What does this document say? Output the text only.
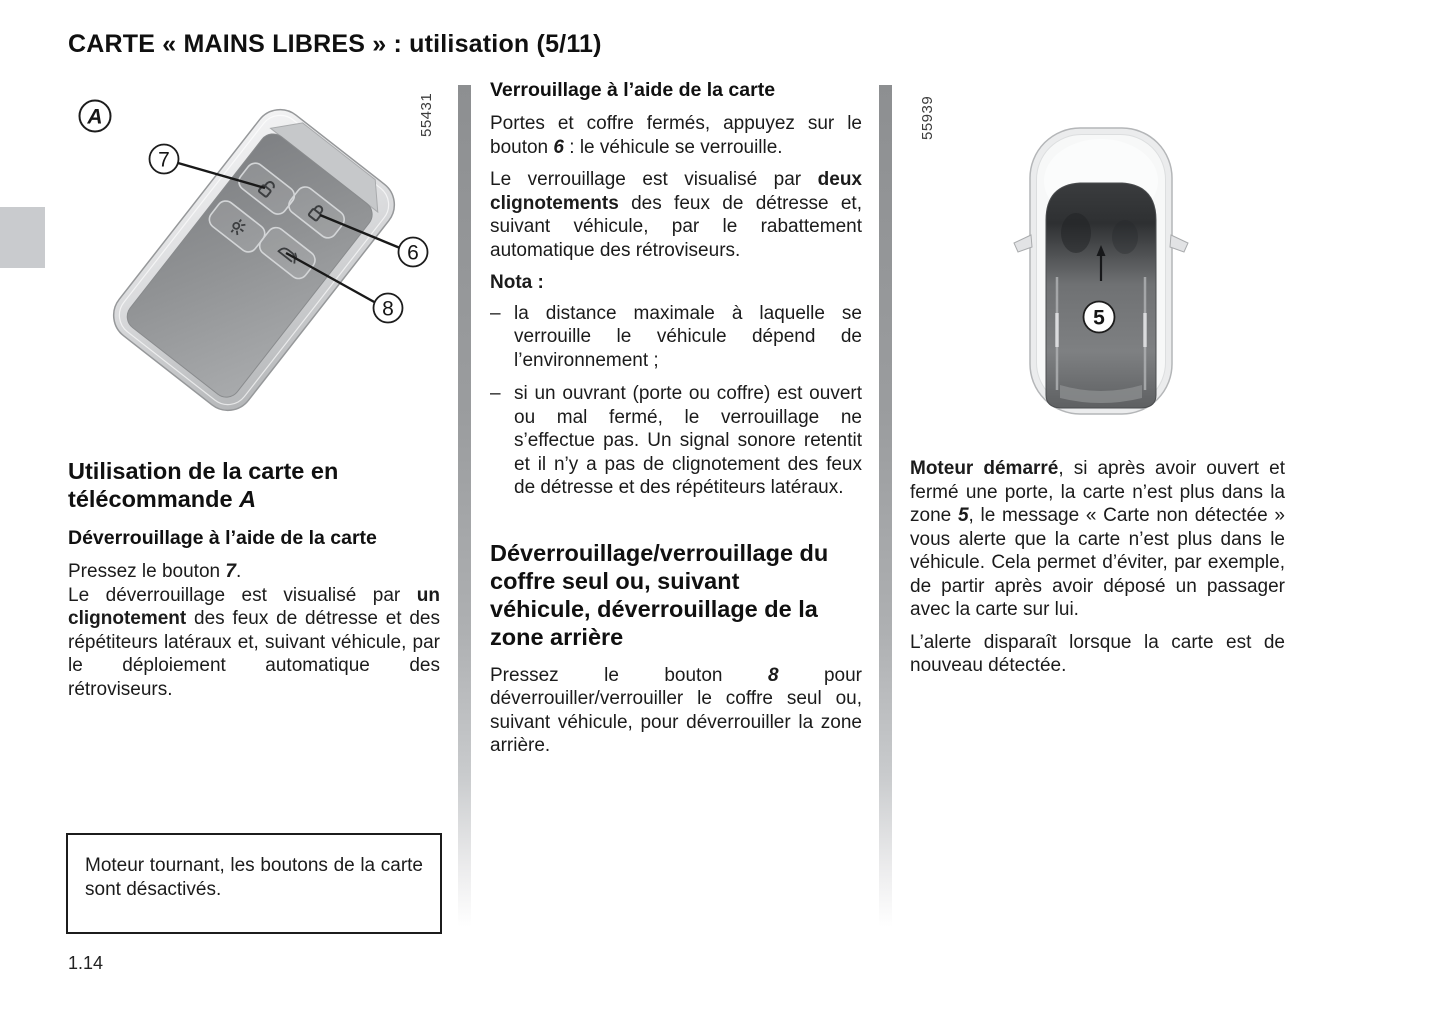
CARTE « MAINS LIBRES » : utilisation (5/11)
A
7
6
8
55431
Utilisation de la carte en télécommande A
Déverrouillage à l’aide de la carte

Pressez le bouton 7.

Le déverrouillage est visualisé par un clignotement des feux de détresse et des répétiteurs latéraux et, suivant véhicule, par le déploiement automatique des rétroviseurs.

Moteur tournant, les boutons de la carte sont désactivés.

Verrouillage à l’aide de la carte

Portes et coffre fermés, appuyez sur le bouton 6 : le véhicule se verrouille.

Le verrouillage est visualisé par deux clignotements des feux de détresse et, suivant véhicule, par le rabattement automatique des rétroviseurs.

Nota :

– la distance maximale à laquelle se verrouille le véhicule dépend de l’environnement ;
– si un ouvrant (porte ou coffre) est ouvert ou mal fermé, le verrouillage ne s’effectue pas. Un signal sonore retentit et il n’y a pas de clignotement des feux de détresse et des répétiteurs latéraux.
Déverrouillage/verrouillage du coffre seul ou, suivant véhicule, déverrouillage de la zone arrière

Pressez le bouton 8 pour déverrouiller/verrouiller le coffre seul ou, suivant véhicule, pour déverrouiller la zone arrière.

55939
5

Moteur démarré, si après avoir ouvert et fermé une porte, la carte n’est plus dans la zone 5, le message « Carte non détectée » vous alerte que la carte n’est plus dans le véhicule. Cela permet d’éviter, par exemple, de partir après avoir déposé un passager avec la carte sur lui.

L’alerte disparaît lorsque la carte est de nouveau détectée.

1.14
